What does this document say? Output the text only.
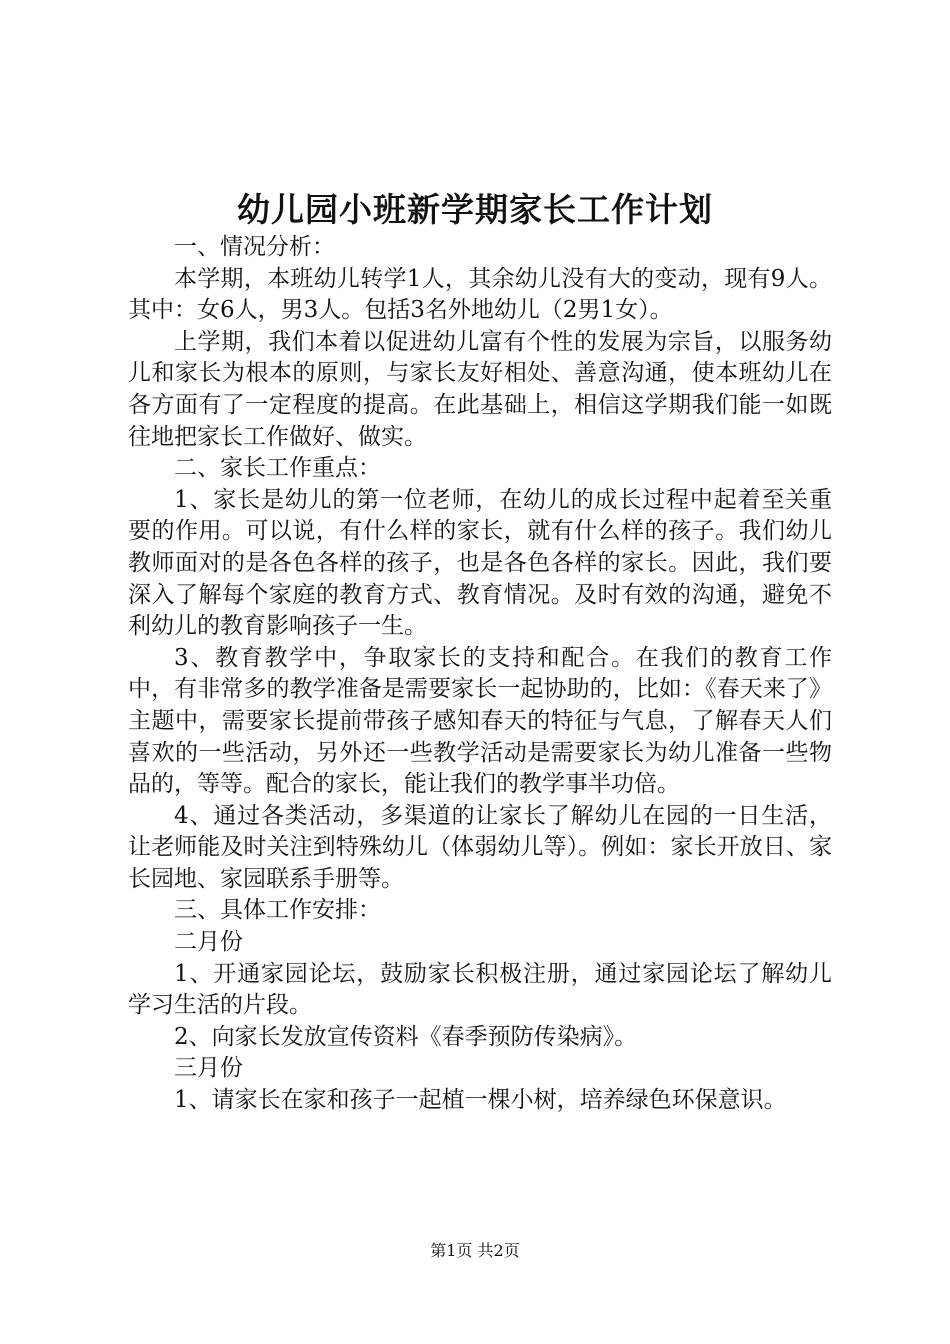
幼儿园小班新学期家长工作计划

一、情况分析：

本学期，本班幼儿转学1人，其余幼儿没有大的变动，现有9人。其中：女6人，男3人。包括3名外地幼儿（2男1女）。

上学期，我们本着以促进幼儿富有个性的发展为宗旨，以服务幼儿和家长为根本的原则，与家长友好相处、善意沟通，使本班幼儿在各方面有了一定程度的提高。在此基础上，相信这学期我们能一如既往地把家长工作做好、做实。

二、家长工作重点：

1、家长是幼儿的第一位老师，在幼儿的成长过程中起着至关重要的作用。可以说，有什么样的家长，就有什么样的孩子。我们幼儿教师面对的是各色各样的孩子，也是各色各样的家长。因此，我们要深入了解每个家庭的教育方式、教育情况。及时有效的沟通，避免不利幼儿的教育影响孩子一生。

3、教育教学中，争取家长的支持和配合。在我们的教育工作中，有非常多的教学准备是需要家长一起协助的，比如：《春天来了》主题中，需要家长提前带孩子感知春天的特征与气息，了解春天人们喜欢的一些活动，另外还一些教学活动是需要家长为幼儿准备一些物品的，等等。配合的家长，能让我们的教学事半功倍。

4、通过各类活动，多渠道的让家长了解幼儿在园的一日生活，让老师能及时关注到特殊幼儿（体弱幼儿等）。例如：家长开放日、家长园地、家园联系手册等。

三、具体工作安排：

二月份

1、开通家园论坛，鼓励家长积极注册，通过家园论坛了解幼儿学习生活的片段。

2、向家长发放宣传资料《春季预防传染病》。

三月份

1、请家长在家和孩子一起植一棵小树，培养绿色环保意识。

第1页 共2页
